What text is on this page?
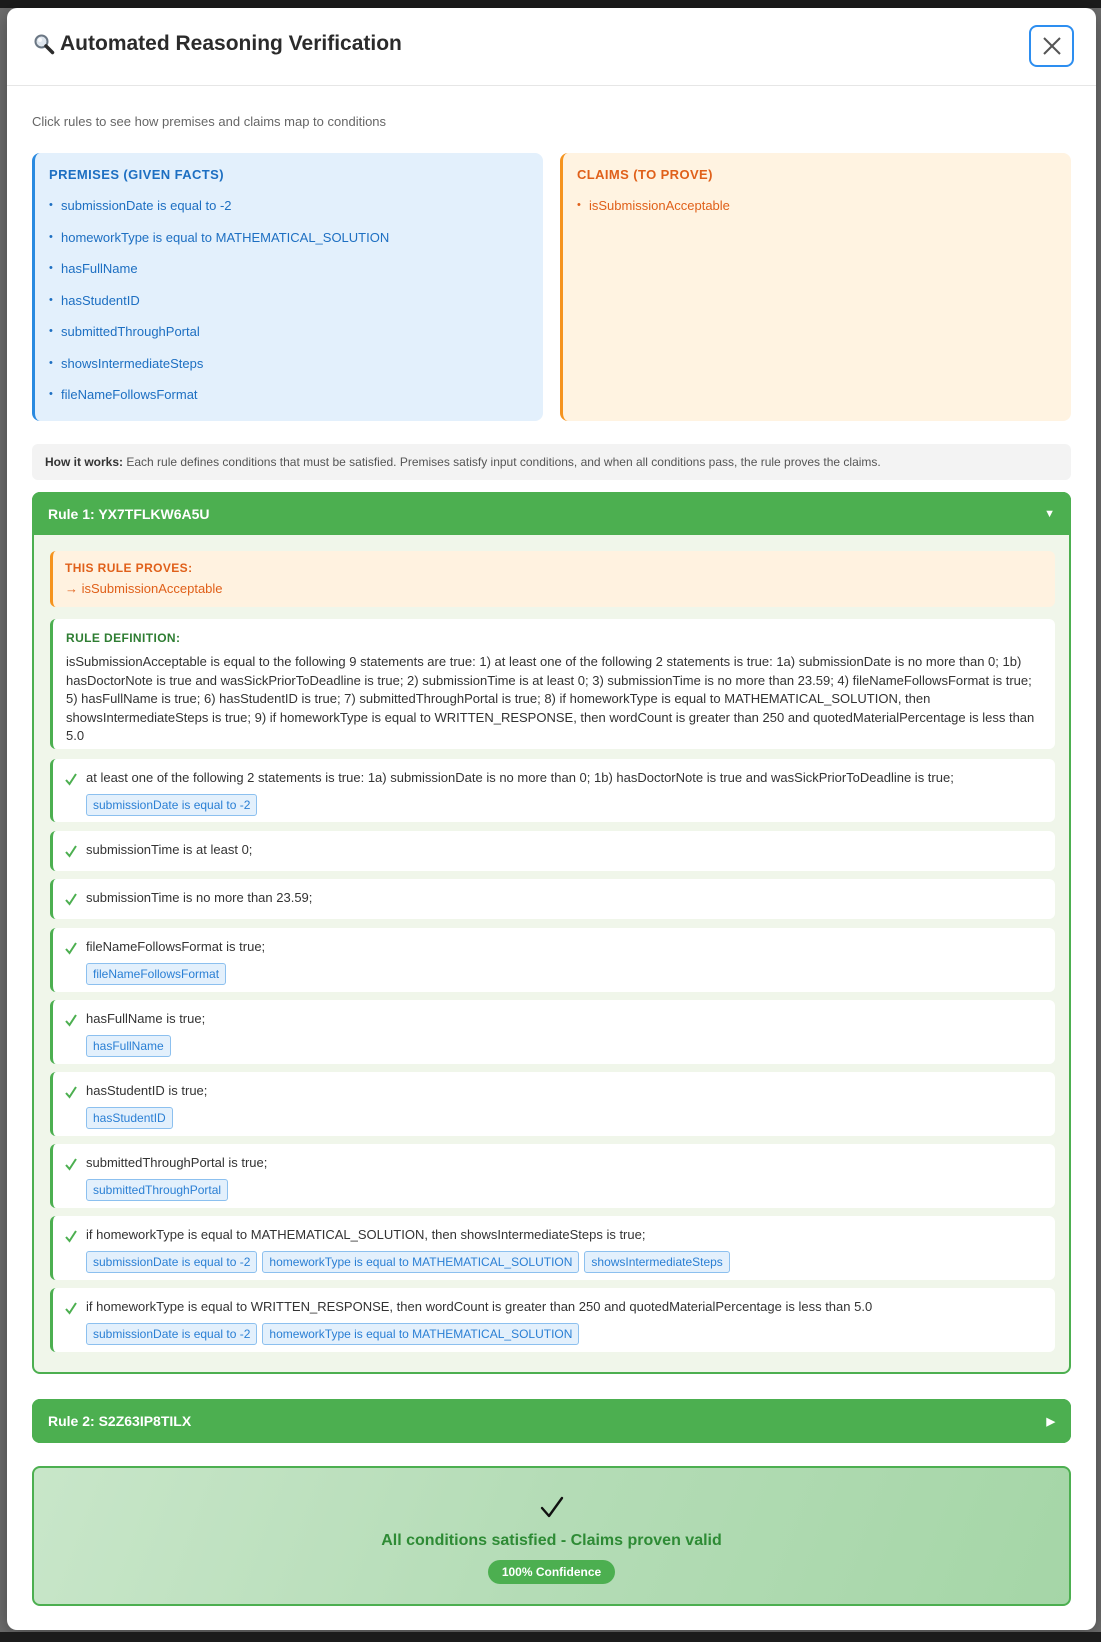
Automated Reasoning Verification
Click rules to see how premises and claims map to conditions
PREMISES (GIVEN FACTS)
• submissionDate is equal to -2
• homeworkType is equal to MATHEMATICAL_SOLUTION
• hasFullName
• hasStudentID
• submittedThroughPortal
• showsIntermediateSteps
• fileNameFollowsFormat
CLAIMS (TO PROVE)
• isSubmissionAcceptable
How it works: Each rule defines conditions that must be satisfied. Premises satisfy input conditions, and when all conditions pass, the rule proves the claims.
Rule 1: YX7TFLKW6A5U	▼
THIS RULE PROVES:
→ isSubmissionAcceptable
RULE DEFINITION:
isSubmissionAcceptable is equal to the following 9 statements are true: 1) at least one of the following 2 statements is true: 1a) submissionDate is no more than 0; 1b) hasDoctorNote is true and wasSickPriorToDeadline is true; 2) submissionTime is at least 0; 3) submissionTime is no more than 23.59; 4) fileNameFollowsFormat is true; 5) hasFullName is true; 6) hasStudentID is true; 7) submittedThroughPortal is true; 8) if homeworkType is equal to MATHEMATICAL_SOLUTION, then showsIntermediateSteps is true; 9) if homeworkType is equal to WRITTEN_RESPONSE, then wordCount is greater than 250 and quotedMaterialPercentage is less than 5.0
at least one of the following 2 statements is true: 1a) submissionDate is no more than 0; 1b) hasDoctorNote is true and wasSickPriorToDeadline is true;
submissionDate is equal to -2
submissionTime is at least 0;
submissionTime is no more than 23.59;
fileNameFollowsFormat is true;
fileNameFollowsFormat
hasFullName is true;
hasFullName
hasStudentID is true;
hasStudentID
submittedThroughPortal is true;
submittedThroughPortal
if homeworkType is equal to MATHEMATICAL_SOLUTION, then showsIntermediateSteps is true;
submissionDate is equal to -2	homeworkType is equal to MATHEMATICAL_SOLUTION	showsIntermediateSteps
if homeworkType is equal to WRITTEN_RESPONSE, then wordCount is greater than 250 and quotedMaterialPercentage is less than 5.0
submissionDate is equal to -2	homeworkType is equal to MATHEMATICAL_SOLUTION
Rule 2: S2Z63IP8TILX	▶
All conditions satisfied - Claims proven valid
100% Confidence
